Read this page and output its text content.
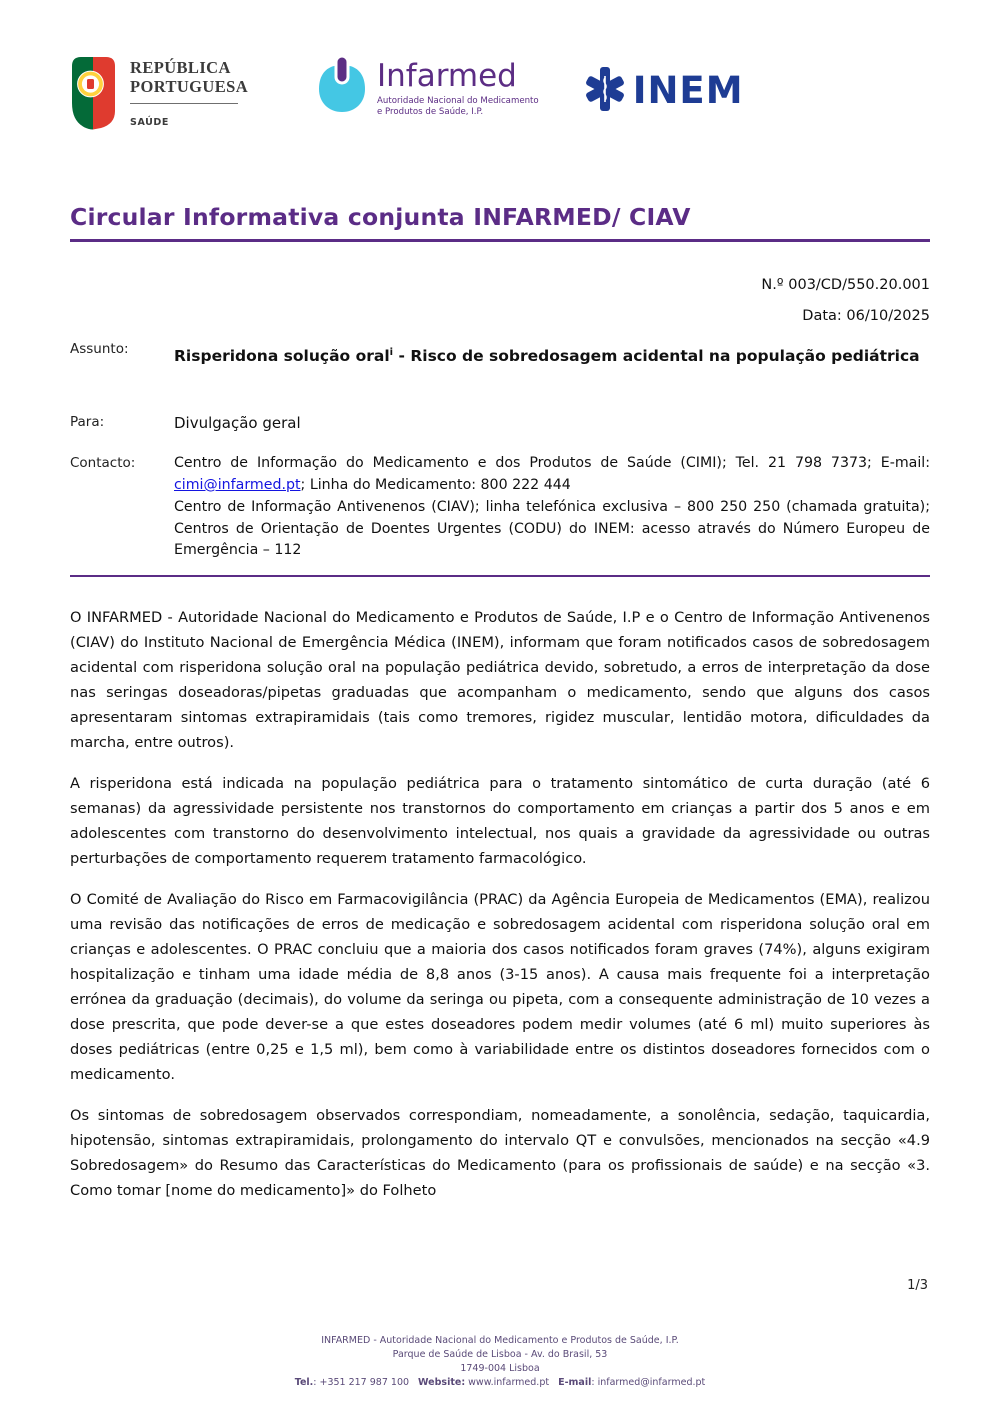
REPÚBLICA
PORTUGUESA
SAÚDE
Infarmed
Autoridade Nacional do Medicamento
e Produtos de Saúde, I.P.	INEM
Circular Informativa conjunta INFARMED/ CIAV
N.º 003/CD/550.20.001
Data: 06/10/2025
Assunto:	Risperidona solução oral$^i$ - Risco de sobredosagem acidental na população pediátrica
Para:	Divulgação geral
Contacto:	Centro de Informação do Medicamento e dos Produtos de Saúde (CIMI); Tel. 21 798 7373; E-mail: cimi@infarmed.pt; Linha do Medicamento: 800 222 444
Centro de Informação Antivenenos (CIAV); linha telefónica exclusiva – 800 250 250 (chamada gratuita); Centros de Orientação de Doentes Urgentes (CODU) do INEM: acesso através do Número Europeu de Emergência – 112

O INFARMED - Autoridade Nacional do Medicamento e Produtos de Saúde, I.P e o Centro de Informação Antivenenos (CIAV) do Instituto Nacional de Emergência Médica (INEM), informam que foram notificados casos de sobredosagem acidental com risperidona solução oral na população pediátrica devido, sobretudo, a erros de interpretação da dose nas seringas doseadoras/pipetas graduadas que acompanham o medicamento, sendo que alguns dos casos apresentaram sintomas extrapiramidais (tais como tremores, rigidez muscular, lentidão motora, dificuldades da marcha, entre outros).

A risperidona está indicada na população pediátrica para o tratamento sintomático de curta duração (até 6 semanas) da agressividade persistente nos transtornos do comportamento em crianças a partir dos 5 anos e em adolescentes com transtorno do desenvolvimento intelectual, nos quais a gravidade da agressividade ou outras perturbações de comportamento requerem tratamento farmacológico.

O Comité de Avaliação do Risco em Farmacovigilância (PRAC) da Agência Europeia de Medicamentos (EMA), realizou uma revisão das notificações de erros de medicação e sobredosagem acidental com risperidona solução oral em crianças e adolescentes. O PRAC concluiu que a maioria dos casos notificados foram graves (74%), alguns exigiram hospitalização e tinham uma idade média de 8,8 anos (3-15 anos). A causa mais frequente foi a interpretação errónea da graduação (decimais), do volume da seringa ou pipeta, com a consequente administração de 10 vezes a dose prescrita, que pode dever-se a que estes doseadores podem medir volumes (até 6 ml) muito superiores às doses pediátricas (entre 0,25 e 1,5 ml), bem como à variabilidade entre os distintos doseadores fornecidos com o medicamento.

Os sintomas de sobredosagem observados correspondiam, nomeadamente, a sonolência, sedação, taquicardia, hipotensão, sintomas extrapiramidais, prolongamento do intervalo QT e convulsões, mencionados na secção «4.9 Sobredosagem» do Resumo das Características do Medicamento (para os profissionais de saúde) e na secção «3. Como tomar [nome do medicamento]» do Folheto

1/3
INFARMED - Autoridade Nacional do Medicamento e Produtos de Saúde, I.P.
Parque de Saúde de Lisboa - Av. do Brasil, 53
1749-004 Lisboa
Tel.: +351 217 987 100 Website: www.infarmed.pt E-mail: infarmed@infarmed.pt
